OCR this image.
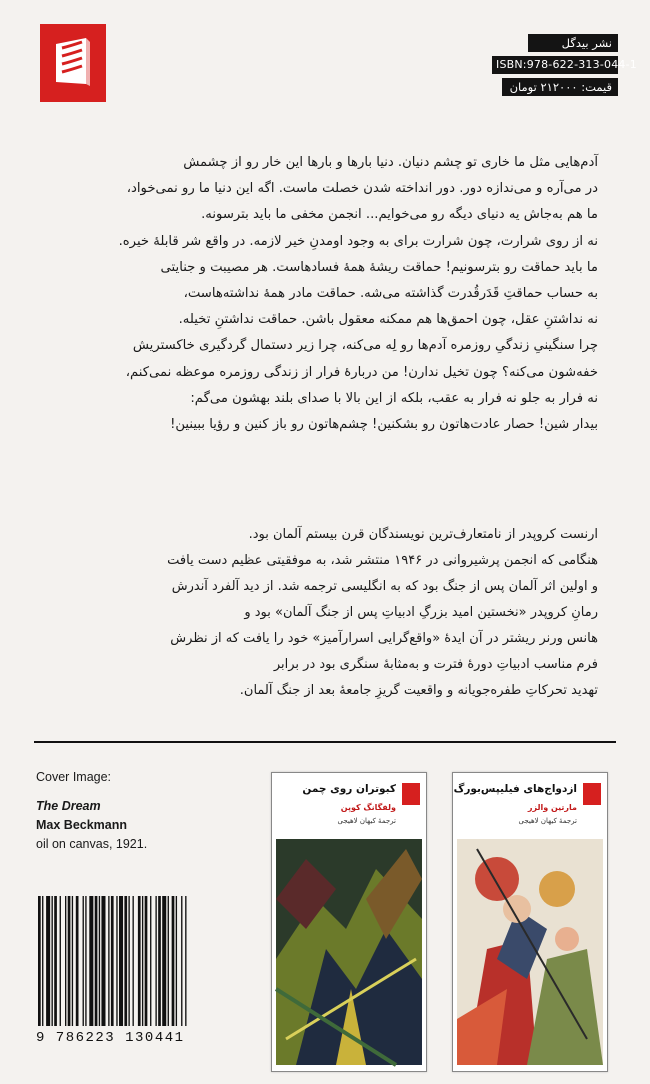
نشر بیدگل
ISBN:978-622-313-044-1
قیمت: ۲۱۲۰۰۰ تومان
آدم‌هایی مثل ما خاری تو چشم دنیان. دنیا بارها و بارها این خار رو از چشمش
در می‌آره و می‌ندازه دور. دور انداخته شدن خصلت ماست. اگه این دنیا ما رو نمی‌خواد،
ما هم به‌جاش یه دنیای دیگه رو می‌خوایم... انجمن مخفی ما باید بترسونه.
نه از روی شرارت، چون شرارت برای به وجود اومدنِ خیر لازمه. در واقع شر قابلهٔ خیره.
ما باید حماقت رو بترسونیم! حماقت ریشهٔ همهٔ فسادهاست. هر مصیبت و جنایتی
به حساب حماقتِ قَدَرقُدرت گذاشته می‌شه. حماقت مادر همهٔ نداشته‌هاست،
نه نداشتنِ عقل، چون احمق‌ها هم ممکنه معقول باشن. حماقت نداشتنِ تخیله.
چرا سنگینیِ زندگیِ روزمره آدم‌ها رو لِه می‌کنه، چرا زیر دستمال گردگیری خاکستریش
خفه‌شون می‌کنه؟ چون تخیل ندارن! من دربارهٔ فرار از زندگی روزمره موعظه نمی‌کنم،
نه فرار به جلو نه فرار به عقب، بلکه از این بالا با صدای بلند بهشون می‌گم:
بیدار شین! حصار عادت‌هاتون رو بشکنین! چشم‌هاتون رو باز کنین و رؤیا ببینین!
ارنست کروپدر از نامتعارف‌ترین نویسندگان قرن بیستم آلمان بود.
هنگامی که انجمن پرشیروانی در ۱۹۴۶ منتشر شد، به موفقیتی عظیم دست یافت
و اولین اثر آلمان پس از جنگ بود که به انگلیسی ترجمه شد. از دید آلفرد آندرش
رمانِ کروپدر «نخستین امید بزرگِ ادبیاتِ پس از جنگ آلمان» بود و
هانس ورنر ریشتر در آن ایدهٔ «واقع‌گرایی اسرارآمیز» خود را یافت که از نظرش
فرم مناسب ادبیاتِ دورهٔ فترت و به‌مثابهٔ سنگری بود در برابر
تهدید تحرکاتِ طفره‌جویانه و واقعیت گریزِ جامعهٔ بعد از جنگ آلمان.
Cover Image:
The Dream
Max Beckmann
oil on canvas, 1921.
9 786223 130441
کبوتران روی چمن
ولفگانگ کوپن
ترجمهٔ کیهان لاهیجی
ازدواج‌های فیلیپس‌بورگ
مارتین والزر
ترجمهٔ کیهان لاهیجی
